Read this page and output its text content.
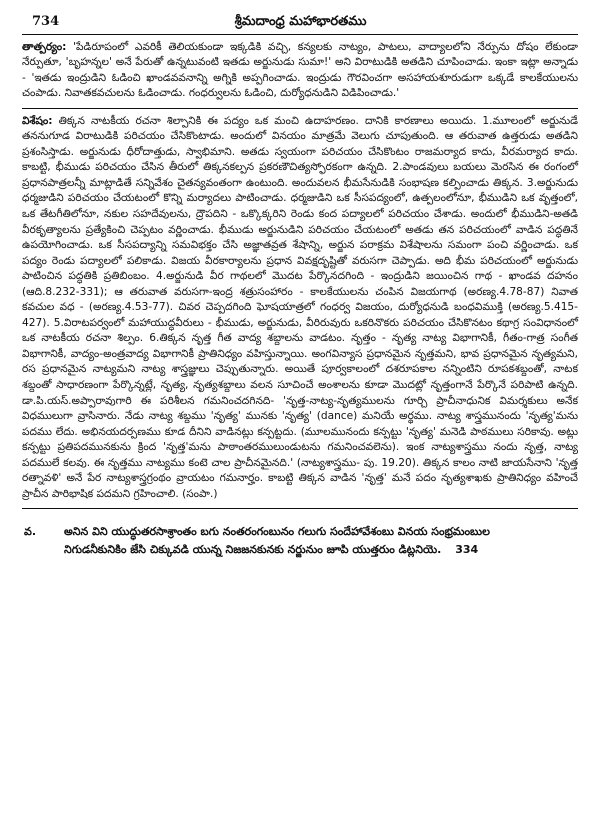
734	శ్రీమదాంధ్ర మహాభారతము

తాత్పర్యం: 'పేడిరూపంలో ఎవరికీ తెలియకుండా ఇక్కడికి వచ్చి, కన్యలకు నాట్యం, పాటలు, వాద్యాలలోని నేర్పును దోషం లేకుండా నేర్పుతూ, 'బృహన్నల' అనే పేరుతో ఉన్నటువంటి ఇతడు అర్జునుడు సుమా!' అని విరాటుడికి అతడిని చూపించాడు. ఇంకా ఇట్లా అన్నాడు - 'ఇతడు ఇంద్రుడిని ఓడించి ఖాండవవనాన్ని అగ్నికి అప్పగించాడు. ఇంద్రుడు గౌరవించగా అసహాయశూరుడుగా ఒక్కడే కాలకేయులను చంపాడు. నివాతకవచులను ఓడించాడు. గంధర్వులను ఓడించి, దుర్యోధనుడిని విడిపించాడు.'

విశేషం: తిక్కన నాటకీయ రచనా శిల్పానికి ఈ పద్యం ఒక మంచి ఉదాహరణం. దానికి కారణాలు అయిదు. 1.మూలంలో అర్జునుడే తననుగూడ విరాటుడికి పరిచయం చేసికొంటాడు. అందులో వినయం మాత్రమే వెలుగు చూపుతుంది. ఆ తరువాత ఉత్తరుడు అతడిని ప్రశంసిస్తాడు. అర్జునుడు ధీరోదాత్తుడు, స్వాభిమాని. అతడు స్వయంగా పరిచయం చేసికొంటం రాజమర్యాద కాదు, వీరమర్యాద కాదు. కాబట్టి, భీముడు పరిచయం చేసిన తీరులో తిక్కనకల్పన ప్రకరణౌచిత్యస్ఫోరకంగా ఉన్నది. 2.పాండవులు బయలు మెరసిన ఈ రంగంలో ప్రధానపాత్రలన్నీ మాట్లాడితే సన్నివేశం చైతన్యవంతంగా ఉంటుంది. అందువలన భీమసేనుడికి సంభాషణ కల్పించాడు తిక్కన. 3.అర్జునుడు ధర్మజుడిని పరిచయం చేయటంలో కొన్ని మర్యాదలు పాటించాడు. ధర్మజుడిని ఒక సీసపద్యంలో, ఉత్పలంలోనూ, భీముడిని ఒక వృత్తంలో, ఒక తేటగీతిలోనూ, నకుల సహదేవులను, ద్రౌపదిని - ఒక్కొక్కరిని రెండు కంద పద్యాలలో పరిచయం చేశాడు. అందులో భీముడిని-అతడి వీరకృత్యాలను ప్రత్యేకించి చెప్పటం వర్ణించాడు. భీముడు అర్జునుడిని పరిచయం చేయటంలో అతడు తన పరిచయంలో వాడిన పద్ధతినే ఉపయోగించాడు. ఒక సీసపద్యాన్ని సమవిభక్తం చేసి అజ్ఞాతవ్రత శేషాన్ని, అర్జున పరాక్రమ విశేషాలను సమంగా పంచి వర్ణించాడు. ఒక పద్యం రెండు పద్యాలలో పలికాడు. విజయ వీరకార్యాలను ప్రధాన వివక్షదృష్టితో వరుసగా చెప్పాడు. అది భీమ పరిచయంలో అర్జునుడు పాటించిన పద్ధతికి ప్రతిబింబం. 4.అర్జునుడి వీర గాథలలో మొదట పేర్కొనదగింది - ఇంద్రుడిని జయించిన గాథ - ఖాండవ దహనం (ఆది.8.232-331); ఆ తరువాత వరుసగా-ఇంద్ర శత్రుసంహారం - కాలకేయులను చంపిన విజయగాథ (అరణ్య.4.78-87) నివాత కవచుల వధ - (అరణ్య.4.53-77). చివర చెప్పదగింది ఘోషయాత్రలో గంధర్వ విజయం, దుర్యోధనుడి బంధవిముక్తి (అరణ్య.5.415-427). 5.విరాటపర్వంలో మహాయుద్ధవీరులు - భీముడు, అర్జునుడు, వీరిరువురు ఒకరినొకరు పరిచయం చేసికొనటం కథాగ్ర సంవిధానంలో ఒక నాటకీయ రచనా శిల్పం. 6.తిక్కన నృత్త గీత వాద్య శబ్దాలను వాడటం. నృత్తం - నృత్య నాట్య విభాగానికీ, గీతం-గాత్ర సంగీత విభాగానికీ, వాద్యం-అంత్రవాద్య విభాగానికీ ప్రాతినిధ్యం వహిస్తున్నాయి. అంగవిన్యాస ప్రధానమైన నృత్తమని, భావ ప్రధానమైన నృత్యమని, రస ప్రధానమైన నాట్యమని నాట్య శాస్త్రజ్ఞులు చెప్పుతున్నారు. అయితే పూర్వకాలంలో దశరూపకాల నన్నింటిని రూపకశబ్దంతో, నాటక శబ్దంతో సాధారణంగా పేర్కొన్నట్లే, నృత్య, నృత్యశబ్దాలు వలన సూచించే అంశాలను కూడా మొదట్లో నృత్తంగానే పేర్కొనే పరిపాటి ఉన్నది. డా.పి.యస్.అప్పారావుగారి ఈ పరిశీలన గమనించదగినది- 'నృత్త-నాట్య-నృత్యములను గూర్చి ప్రాచీనాధునిక విమర్శకులు అనేక విధములుగా వ్రాసినారు. నేడు నాట్య శబ్దము 'నృత్య' మునకు 'నృత్య' (dance) మనియే అర్థము. నాట్య శాస్త్రమునందు 'నృత్య'మను పదము లేదు. అభినయదర్పణము కూడ దీనిని వాడినట్లు కన్పట్టదు. (మూలమునందు కన్పట్టు 'నృత్య' మనెడి పాఠములు సరికావు. అట్లు కన్పట్టు ప్రతిపదమునకును క్రింద 'నృత్త'మను పాఠాంతరములుండుటను గమనించవలెను). ఇంక నాట్యశాస్త్రము నందు నృత్త, నాట్య పదములే కలవు. ఈ నృత్తము నాట్యము కంటె చాల ప్రాచీనమైనది.' (నాట్యశాస్త్రము- పు. 19.20). తిక్కన కాలం నాటి జాయసేనాని 'నృత్త రత్నావళి' అనే పేర నాట్యశాస్త్రగ్రంథం వ్రాయటం గమనార్హం. కాబట్టి తిక్కన వాడిన 'నృత్త' మనే పదం నృత్యశాఖకు ప్రాతినిధ్యం వహించే ప్రాచీన పారిభాషిక పదమని గ్రహించాలి. (సంపా.)

వ.	అనిన విని యుద్ధుతరసాశ్రాంతం బగు నంతరంగంబునం గలుగు సందేహావేశంబు వినయ సంభ్రమంబుల
నిగుడనీకునికిం జేసి చిక్కువడి యున్న నిజజనకునకు నర్జునుం జూపి యుత్తరుం డిట్లనియె. 334
